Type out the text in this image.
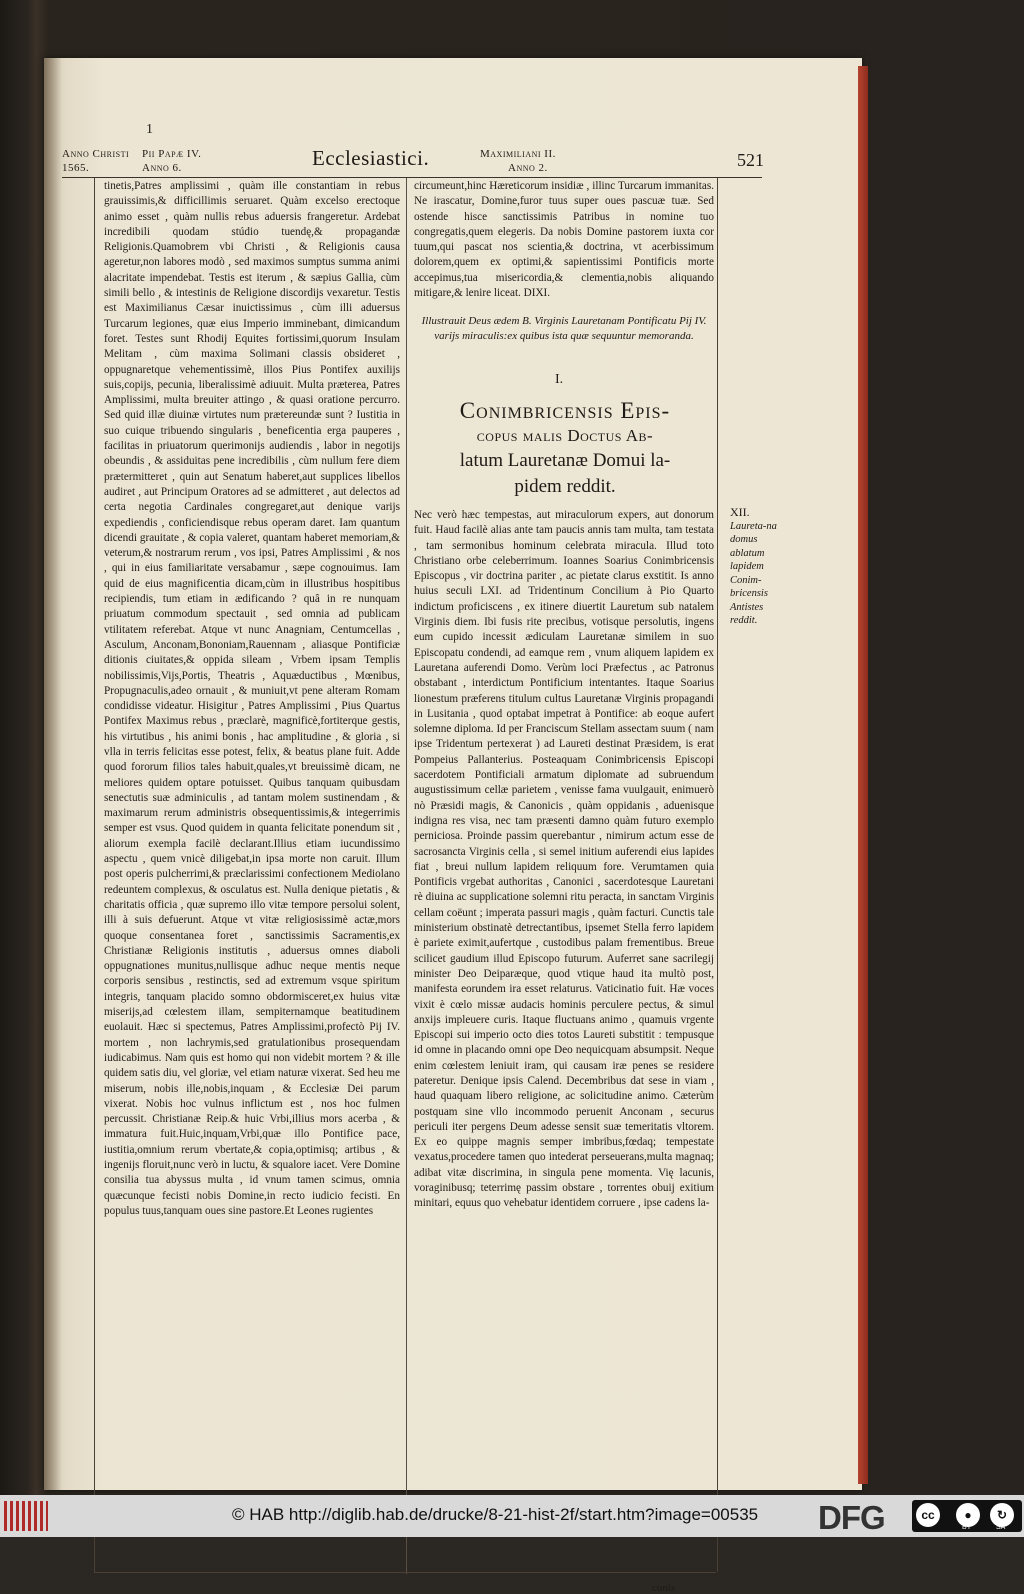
1
Anno Christi
1565.
Pii Papæ IV.
Anno 6.	Ecclesiastici.	Maximiliani II.
Anno 2.	521

tinetis,Patres amplissimi , quàm ille constantiam in rebus grauissimis,& difficillimis seruaret. Quàm excelso erectoque animo esset , quàm nullis rebus aduersis frangeretur. Ardebat incredibili quodam stúdio tuendę,& propagandæ Religionis.Quamobrem vbi Christi , & Religionis causa ageretur,non labores modò , sed maximos sumptus summa animi alacritate impendebat. Testis est iterum , & sæpius Gallia, cùm simili bello , & intestinis de Religione discordijs vexaretur. Testis est Maximilianus Cæsar inuictissimus , cùm illi aduersus Turcarum legiones, quæ eius Imperio imminebant, dimicandum foret. Testes sunt Rhodij Equites fortissimi,quorum Insulam Melitam , cùm maxima Solimani classis obsideret , oppugnaretque vehementissimè, illos Pius Pontifex auxilijs suis,copijs, pecunia, liberalissimè adiuuit. Multa præterea, Patres Amplissimi, multa breuiter attingo , & quasi oratione percurro. Sed quid illæ diuinæ virtutes num prætereundæ sunt ? Iustitia in suo cuique tribuendo singularis , beneficentia erga pauperes , facilitas in priuatorum querimonijs audiendis , labor in negotijs obeundis , & assiduitas pene incredibilis , cùm nullum fere diem prætermitteret , quin aut Senatum haberet,aut supplices libellos audiret , aut Principum Oratores ad se admitteret , aut delectos ad certa negotia Cardinales congregaret,aut denique varijs expediendis , conficiendisque rebus operam daret. Iam quantum dicendi grauitate , & copia valeret, quantam haberet memoriam,& veterum,& nostrarum rerum , vos ipsi, Patres Amplissimi , & nos , qui in eius familiaritate versabamur , sæpe cognouimus. Iam quid de eius magnificentia dicam,cùm in illustribus hospitibus recipiendis, tum etiam in ædificando ? quâ in re nunquam priuatum commodum spectauit , sed omnia ad publicam vtilitatem referebat. Atque vt nunc Anagniam, Centumcellas , Asculum, Anconam,Bononiam,Rauennam , aliasque Pontificiæ ditionis ciuitates,& oppida sileam , Vrbem ipsam Templis nobilissimis,Vijs,Portis, Theatris , Aquæductibus , Mœnibus, Propugnaculis,adeo ornauit , & muniuit,vt pene alteram Romam condidisse videatur. Hisigitur , Patres Amplissimi , Pius Quartus Pontifex Maximus rebus , præclarè, magnificè,fortiterque gestis, his virtutibus , his animi bonis , hac amplitudine , & gloria , si vlla in terris felicitas esse potest, felix, & beatus plane fuit. Adde quod fororum filios tales habuit,quales,vt breuissimè dicam, ne meliores quidem optare potuisset. Quibus tanquam quibusdam senectutis suæ adminiculis , ad tantam molem sustinendam , & maximarum rerum administris obsequentissimis,& integerrimis semper est vsus. Quod quidem in quanta felicitate ponendum sit , aliorum exempla facilè declarant.Illius etiam iucundissimo aspectu , quem vnicè diligebat,in ipsa morte non caruit. Illum post operis pulcherrimi,& præclarissimi confectionem Mediolano redeuntem complexus, & osculatus est. Nulla denique pietatis , & charitatis officia , quæ supremo illo vitæ tempore persolui solent, illi à suis defuerunt. Atque vt vitæ religiosissimè actæ,mors quoque consentanea foret , sanctissimis Sacramentis,ex Christianæ Religionis institutis , aduersus omnes diaboli oppugnationes munitus,nullisque adhuc neque mentis neque corporis sensibus , restinctis, sed ad extremum vsque spiritum integris, tanquam placido somno obdormisceret,ex huius vitæ miserijs,ad cœlestem illam, sempiternamque beatitudinem euolauit. Hæc si spectemus, Patres Amplissimi,profectò Pij IV. mortem , non lachrymis,sed gratulationibus prosequendam iudicabimus. Nam quis est homo qui non videbit mortem ? & ille quidem satis diu, vel gloriæ, vel etiam naturæ vixerat. Sed heu me miserum, nobis ille,nobis,inquam , & Ecclesiæ Dei parum vixerat. Nobis hoc vulnus inflictum est , nos hoc fulmen percussit. Christianæ Reip.& huic Vrbi,illius mors acerba , & immatura fuit.Huic,inquam,Vrbi,quæ illo Pontifice pace, iustitia,omnium rerum vbertate,& copia,optimisq; artibus , & ingenijs floruit,nunc verò in luctu, & squalore iacet. Vere Domine consilia tua abyssus multa , id vnum tamen scimus, omnia quæcunque fecisti nobis Domine,in recto iudicio fecisti. En populus tuus,tanquam oues sine pastore.Et Leones rugientes

circumeunt,hinc Hæreticorum insidiæ , illinc Turcarum immanitas. Ne irascatur, Domine,furor tuus super oues pascuæ tuæ. Sed ostende hisce sanctissimis Patribus in nomine tuo congregatis,quem elegeris. Da nobis Domine pastorem iuxta cor tuum,qui pascat nos scientia,& doctrina, vt acerbissimum dolorem,quem ex optimi,& sapientissimi Pontificis morte accepimus,tua misericordia,& clementia,nobis aliquando mitigare,& lenire liceat. DIXI.

Illustrauit Deus ædem B. Virginis Lauretanam Pontificatu Pij IV. varijs miraculis:ex quibus ista quæ sequuntur memoranda.
I.
Conimbricensis Epis-
copus malis Doctus Ab-
latum Lauretanæ Domui la-
pidem reddit.

Nec verò hæc tempestas, aut miraculorum expers, aut donorum fuit. Haud facilè alias ante tam paucis annis tam multa, tam testata , tam sermonibus hominum celebrata miracula. Illud toto Christiano orbe celeberrimum. Ioannes Soarius Conimbricensis Episcopus , vir doctrina pariter , ac pietate clarus exstitit. Is anno huius seculi LXI. ad Tridentinum Concilium à Pio Quarto indictum proficiscens , ex itinere diuertit Lauretum sub natalem Virginis diem. Ibi fusis rite precibus, votisque persolutis, ingens eum cupido incessit ædiculam Lauretanæ similem in suo Episcopatu condendi, ad eamque rem , vnum aliquem lapidem ex Lauretana auferendi Domo. Verùm loci Præfectus , ac Patronus obstabant , interdictum Pontificium intentantes. Itaque Soarius lionestum præferens titulum cultus Lauretanæ Virginis propagandi in Lusitania , quod optabat impetrat à Pontifice: ab eoque aufert solemne diploma. Id per Franciscum Stellam assectam suum ( nam ipse Tridentum pertexerat ) ad Laureti destinat Præsidem, is erat Pompeius Pallanterius. Posteaquam Conimbricensis Episcopi sacerdotem Pontificiali armatum diplomate ad subruendum augustissimum cellæ parietem , venisse fama vuulgauit, enimuerò nò Præsidi magis, & Canonicis , quàm oppidanis , aduenisque indigna res visa, nec tam præsenti damno quàm futuro exemplo perniciosa. Proinde passim querebantur , nimirum actum esse de sacrosancta Virginis cella , si semel initium auferendi eius lapides fiat , breui nullum lapidem reliquum fore. Verumtamen quia Pontificis vrgebat authoritas , Canonici , sacerdotesque Lauretani rè diuina ac supplicatione solemni ritu peracta, in sanctam Virginis cellam coëunt ; imperata passuri magis , quàm facturi. Cunctis tale ministerium obstinatè detrectantibus, ipsemet Stella ferro lapidem è pariete eximit,aufertque , custodibus palam frementibus. Breue scilicet gaudium illud Episcopo futurum. Auferret sane sacrilegij minister Deo Deiparæque, quod vtique haud ita multò post, manifesta eorundem ira esset relaturus. Vaticinatio fuit. Hæ voces vixit è cœlo missæ audacis hominis perculere pectus, & simul anxijs impleuere curis. Itaque fluctuans animo , quamuis vrgente Episcopi sui imperio octo dies totos Laureti substitit : tempusque id omne in placando omni ope Deo nequicquam absumpsit. Neque enim cœlestem leniuit iram, qui causam iræ penes se residere pateretur. Denique ipsis Calend. Decembribus dat sese in viam , haud quaquam libero religione, ac solicitudine animo. Cæterùm postquam sine vllo incommodo peruenit Anconam , securus periculi iter pergens Deum adesse sensit suæ temeritatis vltorem. Ex eo quippe magnis semper imbribus,fœdaq; tempestate vexatus,procedere tamen quo intederat perseuerans,multa magnaq; adibat vitæ discrimina, in singula pene momenta. Vię lacunis, voraginibusq; teterrimę passim obstare , torrentes obuij exitium minitari, equus quo vehebatur identidem corruere , ipse cadens la-

XII.
Laureta-na domus ablatum lapidem Conim-bricensis Antistes reddit.
cunis
© HAB http://diglib.hab.de/drucke/8-21-hist-2f/start.htm?image=00535 DFG	cc	●	↻
BY	SA
